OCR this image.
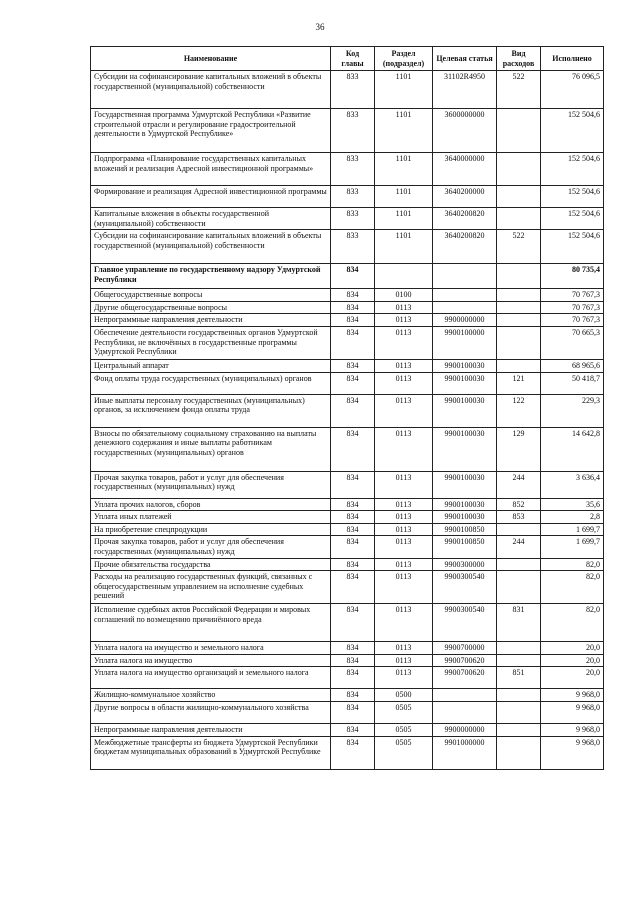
36
Наименование	Код главы	Раздел (подраздел)	Целевая статья	Вид расходов	Исполнено
Субсидии на софинансирование капитальных вложений в объекты государственной (муниципальной) собственности	833	1101	31102R4950	522	76 096,5
Государственная программа Удмуртской Республики «Развитие строительной отрасли и регулирование градостроительной деятельности в Удмуртской Республике»	833	1101	3600000000		152 504,6
Подпрограмма «Планирование государственных капитальных вложений и реализация Адресной инвестиционной программы»	833	1101	3640000000		152 504,6
Формирование и реализация Адресной инвестиционной программы	833	1101	3640200000		152 504,6
Капитальные вложения в объекты государственной (муниципальной) собственности	833	1101	3640200820		152 504,6
Субсидии на софинансирование капитальных вложений в объекты государственной (муниципальной) собственности	833	1101	3640200820	522	152 504,6
Главное управление по государственному надзору Удмуртской Республики	834				80 735,4
Общегосударственные вопросы	834	0100			70 767,3
Другие общегосударственные вопросы	834	0113			70 767,3
Непрограммные направления деятельности	834	0113	9900000000		70 767,3
Обеспечение деятельности государственных органов Удмуртской Республики, не включённых в государственные программы Удмуртской Республики	834	0113	9900100000		70 665,3
Центральный аппарат	834	0113	9900100030		68 965,6
Фонд оплаты труда государственных (муниципальных) органов	834	0113	9900100030	121	50 418,7
Иные выплаты персоналу государственных (муниципальных) органов, за исключением фонда оплаты труда	834	0113	9900100030	122	229,3
Взносы по обязательному социальному страхованию на выплаты денежного содержания и иные выплаты работникам государственных (муниципальных) органов	834	0113	9900100030	129	14 642,8
Прочая закупка товаров, работ и услуг для обеспечения государственных (муниципальных) нужд	834	0113	9900100030	244	3 636,4
Уплата прочих налогов, сборов	834	0113	9900100030	852	35,6
Уплата иных платежей	834	0113	9900100030	853	2,8
На приобретение спецпродукции	834	0113	9900100850		1 699,7
Прочая закупка товаров, работ и услуг для обеспечения государственных (муниципальных) нужд	834	0113	9900100850	244	1 699,7
Прочие обязательства государства	834	0113	9900300000		82,0
Расходы на реализацию государственных функций, связанных с общегосударственным управлением на исполнение судебных решений	834	0113	9900300540		82,0
Исполнение судебных актов Российской Федерации и мировых соглашений по возмещению причинённого вреда	834	0113	9900300540	831	82,0
Уплата налога на имущество и земельного налога	834	0113	9900700000		20,0
Уплата налога на имущество	834	0113	9900700620		20,0
Уплата налога на имущество организаций и земельного налога	834	0113	9900700620	851	20,0
Жилищно-коммунальное хозяйство	834	0500			9 968,0
Другие вопросы в области жилищно-коммунального хозяйства	834	0505			9 968,0
Непрограммные направления деятельности	834	0505	9900000000		9 968,0
Межбюджетные трансферты из бюджета Удмуртской Республики бюджетам муниципальных образований в Удмуртской Республике	834	0505	9901000000		9 968,0
